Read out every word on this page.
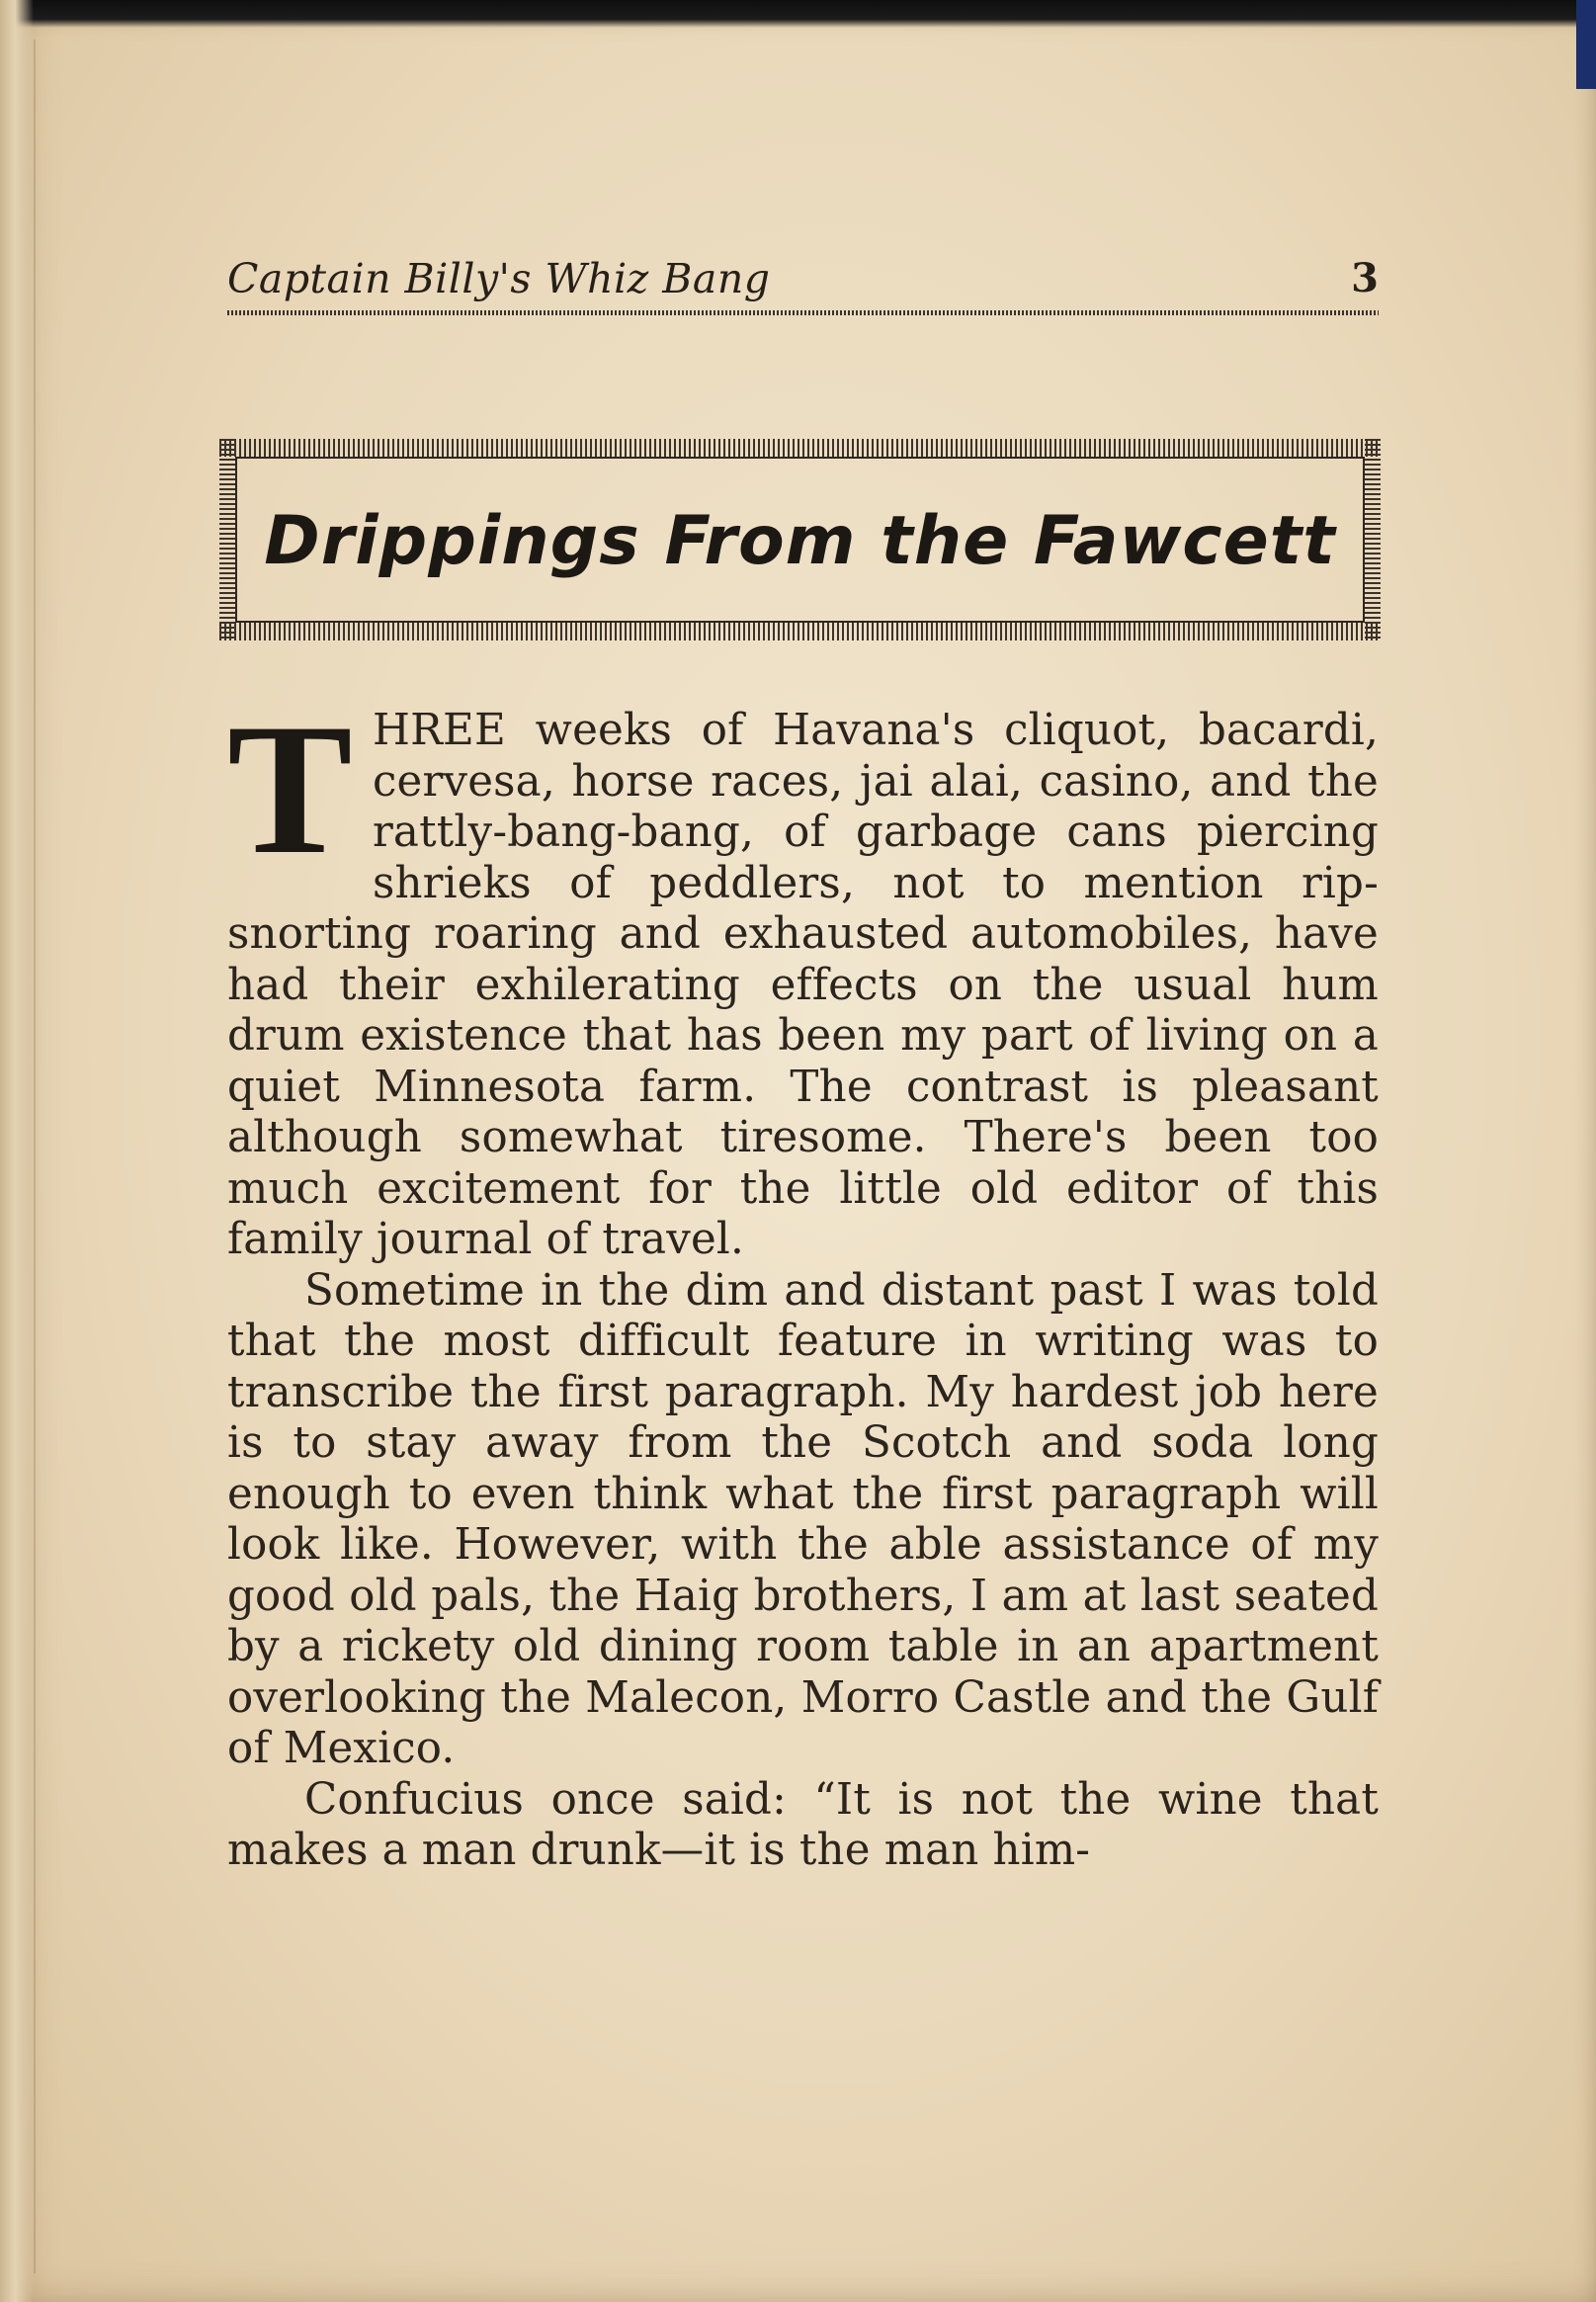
Captain Billy's Whiz Bang	3
Drippings From the Fawcett

THREE weeks of Havana's cliquot, bacardi, cervesa, horse races, jai alai, casino, and the rattly-bang-bang, of garbage cans piercing shrieks of peddlers, not to mention rip-snorting roaring and exhausted automobiles, have had their exhilerating effects on the usual hum drum existence that has been my part of living on a quiet Minnesota farm. The contrast is pleasant although somewhat tiresome. There's been too much excitement for the little old editor of this family journal of travel.

Sometime in the dim and distant past I was told that the most difficult feature in writing was to transcribe the first paragraph. My hardest job here is to stay away from the Scotch and soda long enough to even think what the first paragraph will look like. However, with the able assistance of my good old pals, the Haig brothers, I am at last seated by a rickety old dining room table in an apartment overlooking the Malecon, Morro Castle and the Gulf of Mexico.

Confucius once said: “It is not the wine that makes a man drunk—it is the man him-
